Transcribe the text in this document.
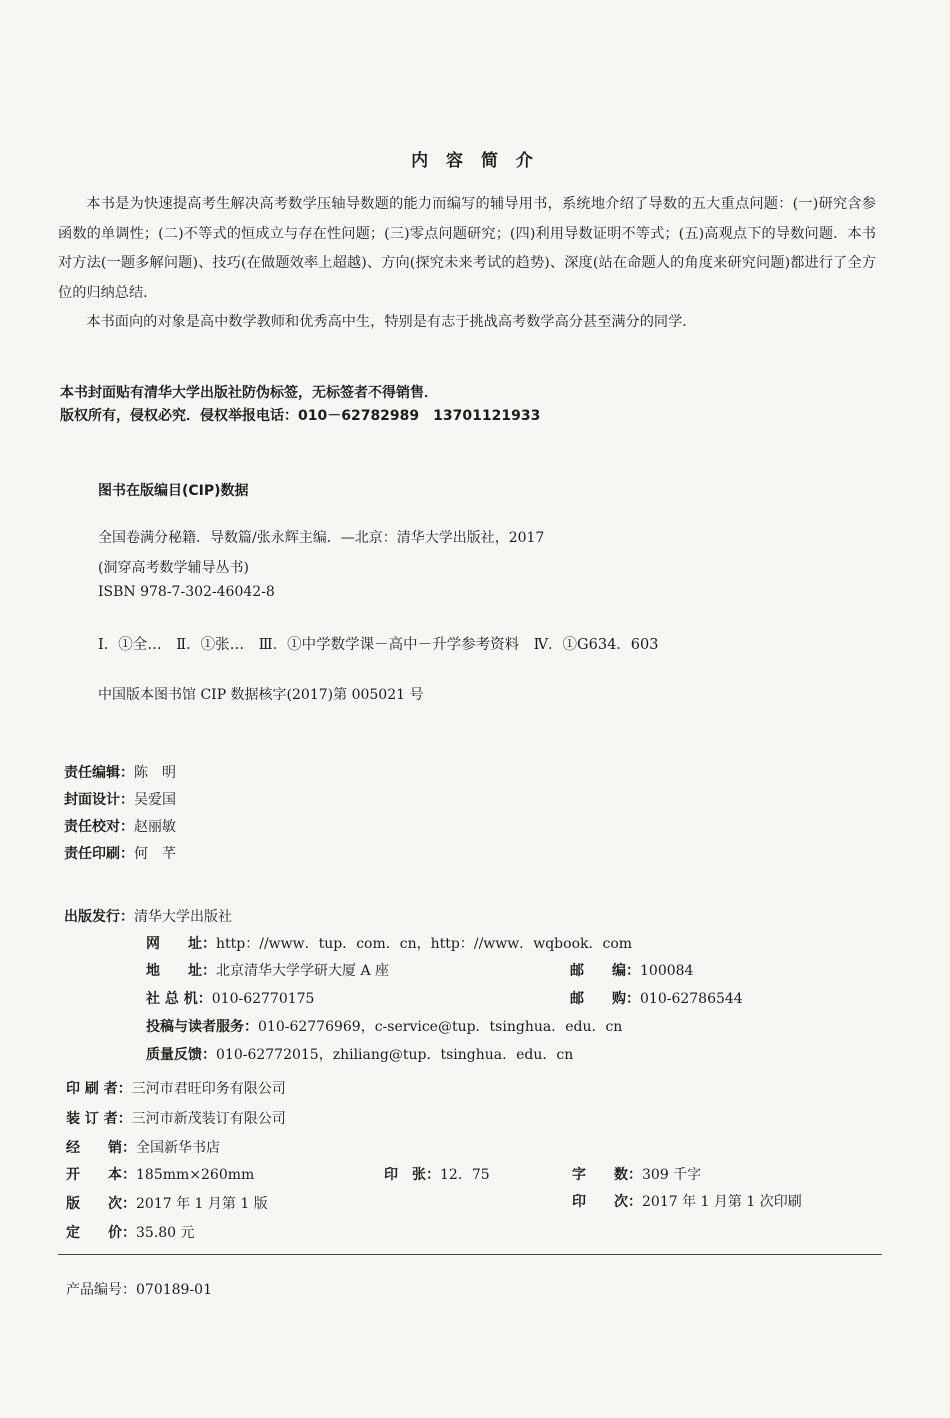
内 容 简 介

本书是为快速提高考生解决高考数学压轴导数题的能力而编写的辅导用书，系统地介绍了导数的五大重点问题：(一)研究含参函数的单调性；(二)不等式的恒成立与存在性问题；(三)零点问题研究；(四)利用导数证明不等式；(五)高观点下的导数问题．本书对方法(一题多解问题)、技巧(在做题效率上超越)、方向(探究未来考试的趋势)、深度(站在命题人的角度来研究问题)都进行了全方位的归纳总结．

本书面向的对象是高中数学教师和优秀高中生，特别是有志于挑战高考数学高分甚至满分的同学．

本书封面贴有清华大学出版社防伪标签，无标签者不得销售．
版权所有，侵权必究．侵权举报电话：010－62782989　13701121933
图书在版编目(CIP)数据
全国卷满分秘籍．导数篇/张永辉主编．—北京：清华大学出版社，2017
(洞穿高考数学辅导丛书)
ISBN 978-7-302-46042-8
Ⅰ．①全…　Ⅱ．①张…　Ⅲ．①中学数学课－高中－升学参考资料　Ⅳ．①G634．603
中国版本图书馆 CIP 数据核字(2017)第 005021 号
责任编辑：陈　明
封面设计：吴爱国
责任校对：赵丽敏
责任印刷：何　芊
出版发行：清华大学出版社
网　　址：http：//www．tup．com．cn，http：//www．wqbook．com
地　　址：北京清华大学学研大厦 A 座	邮　　编：100084
社 总 机：010-62770175	邮　　购：010-62786544
投稿与读者服务：010-62776969，c-service@tup．tsinghua．edu．cn
质量反馈：010-62772015，zhiliang@tup．tsinghua．edu．cn
印 刷 者：三河市君旺印务有限公司
装 订 者：三河市新茂装订有限公司
经　　销：全国新华书店
开　　本：185mm×260mm	印　张：12．75	字　　数：309 千字
版　　次：2017 年 1 月第 1 版	印　　次：2017 年 1 月第 1 次印刷
定　　价：35.80 元
产品编号：070189-01
